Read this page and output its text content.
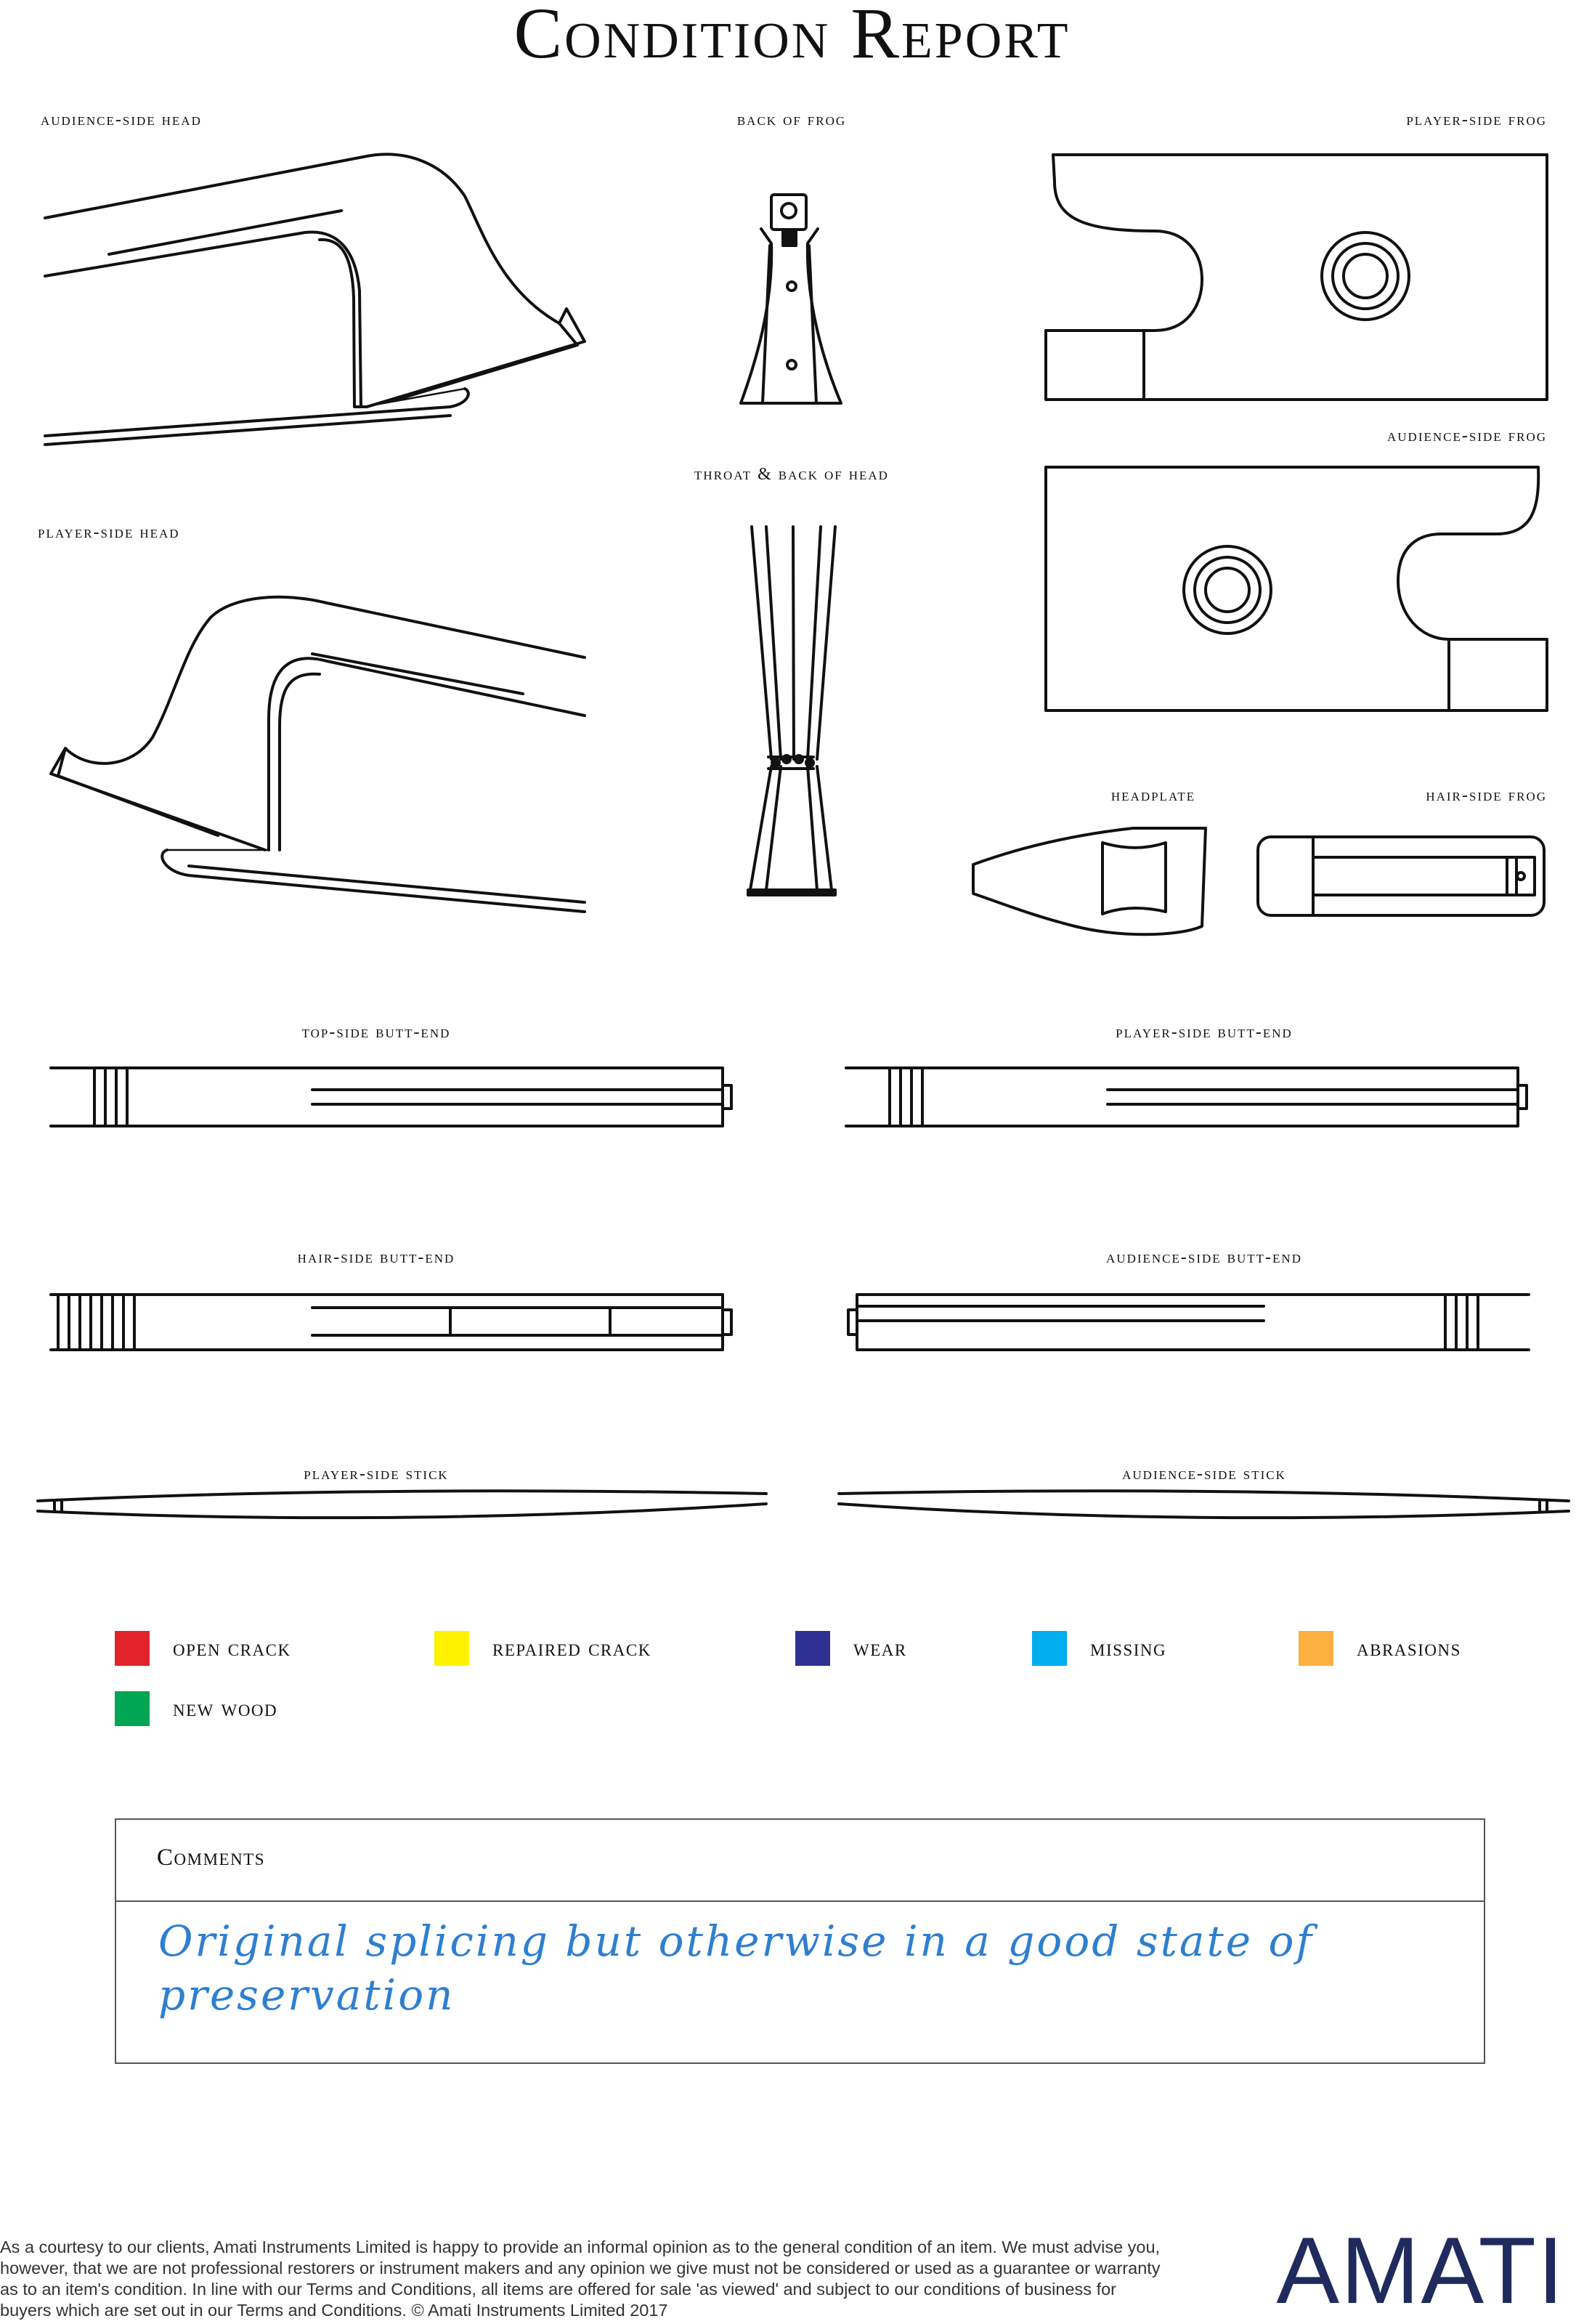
Condition Report
audience-side head	back of frog	player-side frog
audience-side frog
throat & back of head
player-side head
headplate	hair-side frog
top-side butt-end	player-side butt-end
hair-side butt-end	audience-side butt-end
player-side stick	audience-side stick
open crack	repaired crack	wear	missing	abrasions
new wood
Comments
Original splicing but otherwise in a good state of preservation
As a courtesy to our clients, Amati Instruments Limited is happy to provide an informal opinion as to the general condition of an item. We must advise you, however, that we are not professional restorers or instrument makers and any opinion we give must not be considered or used as a guarantee or warranty as to an item's condition. In line with our Terms and Conditions, all items are offered for sale 'as viewed' and subject to our conditions of business for buyers which are set out in our Terms and Conditions. © Amati Instruments Limited 2017	AMATI
